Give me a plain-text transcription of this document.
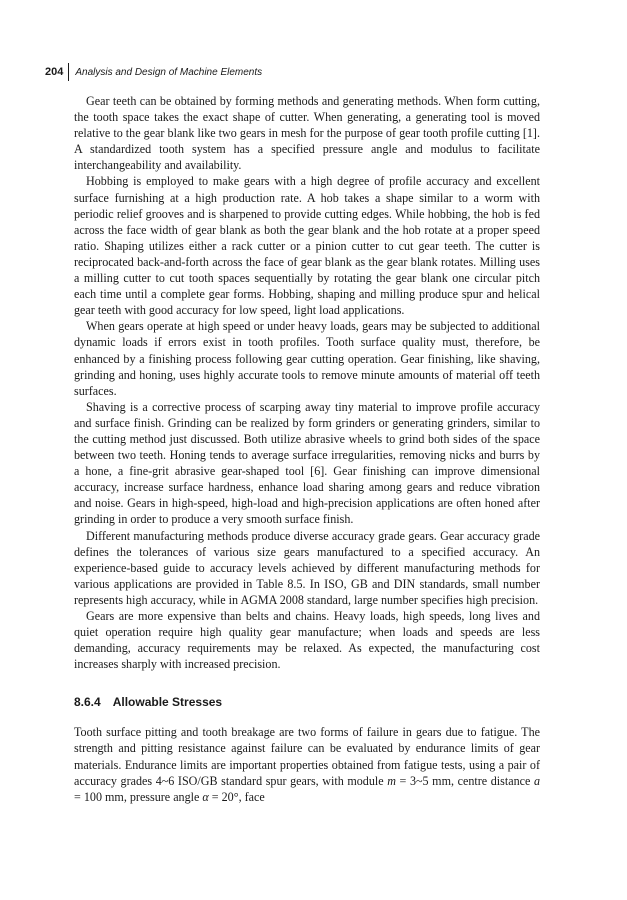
204	Analysis and Design of Machine Elements

Gear teeth can be obtained by forming methods and generating methods. When form cutting, the tooth space takes the exact shape of cutter. When generating, a generating tool is moved relative to the gear blank like two gears in mesh for the purpose of gear tooth profile cutting [1]. A standardized tooth system has a specified pressure angle and modulus to facilitate interchangeability and availability.

Hobbing is employed to make gears with a high degree of profile accuracy and excellent surface furnishing at a high production rate. A hob takes a shape similar to a worm with periodic relief grooves and is sharpened to provide cutting edges. While hobbing, the hob is fed across the face width of gear blank as both the gear blank and the hob rotate at a proper speed ratio. Shaping utilizes either a rack cutter or a pinion cutter to cut gear teeth. The cutter is reciprocated back-and-forth across the face of gear blank as the gear blank rotates. Milling uses a milling cutter to cut tooth spaces sequentially by rotating the gear blank one circular pitch each time until a complete gear forms. Hobbing, shaping and milling produce spur and helical gear teeth with good accuracy for low speed, light load applications.

When gears operate at high speed or under heavy loads, gears may be subjected to additional dynamic loads if errors exist in tooth profiles. Tooth surface quality must, therefore, be enhanced by a finishing process following gear cutting operation. Gear finishing, like shaving, grinding and honing, uses highly accurate tools to remove minute amounts of material off teeth surfaces.

Shaving is a corrective process of scarping away tiny material to improve profile accuracy and surface finish. Grinding can be realized by form grinders or generating grinders, similar to the cutting method just discussed. Both utilize abrasive wheels to grind both sides of the space between two teeth. Honing tends to average surface irregularities, removing nicks and burrs by a hone, a fine-grit abrasive gear-shaped tool [6]. Gear finishing can improve dimensional accuracy, increase surface hardness, enhance load sharing among gears and reduce vibration and noise. Gears in high-speed, high-load and high-precision applications are often honed after grinding in order to produce a very smooth surface finish.

Different manufacturing methods produce diverse accuracy grade gears. Gear accuracy grade defines the tolerances of various size gears manufactured to a specified accuracy. An experience-based guide to accuracy levels achieved by different manufacturing methods for various applications are provided in Table 8.5. In ISO, GB and DIN standards, small number represents high accuracy, while in AGMA 2008 standard, large number specifies high precision.

Gears are more expensive than belts and chains. Heavy loads, high speeds, long lives and quiet operation require high quality gear manufacture; when loads and speeds are less demanding, accuracy requirements may be relaxed. As expected, the manufacturing cost increases sharply with increased precision.

8.6.4 Allowable Stresses

Tooth surface pitting and tooth breakage are two forms of failure in gears due to fatigue. The strength and pitting resistance against failure can be evaluated by endurance limits of gear materials. Endurance limits are important properties obtained from fatigue tests, using a pair of accuracy grades 4~6 ISO/GB standard spur gears, with module m = 3~5 mm, centre distance a = 100 mm, pressure angle α = 20°, face
